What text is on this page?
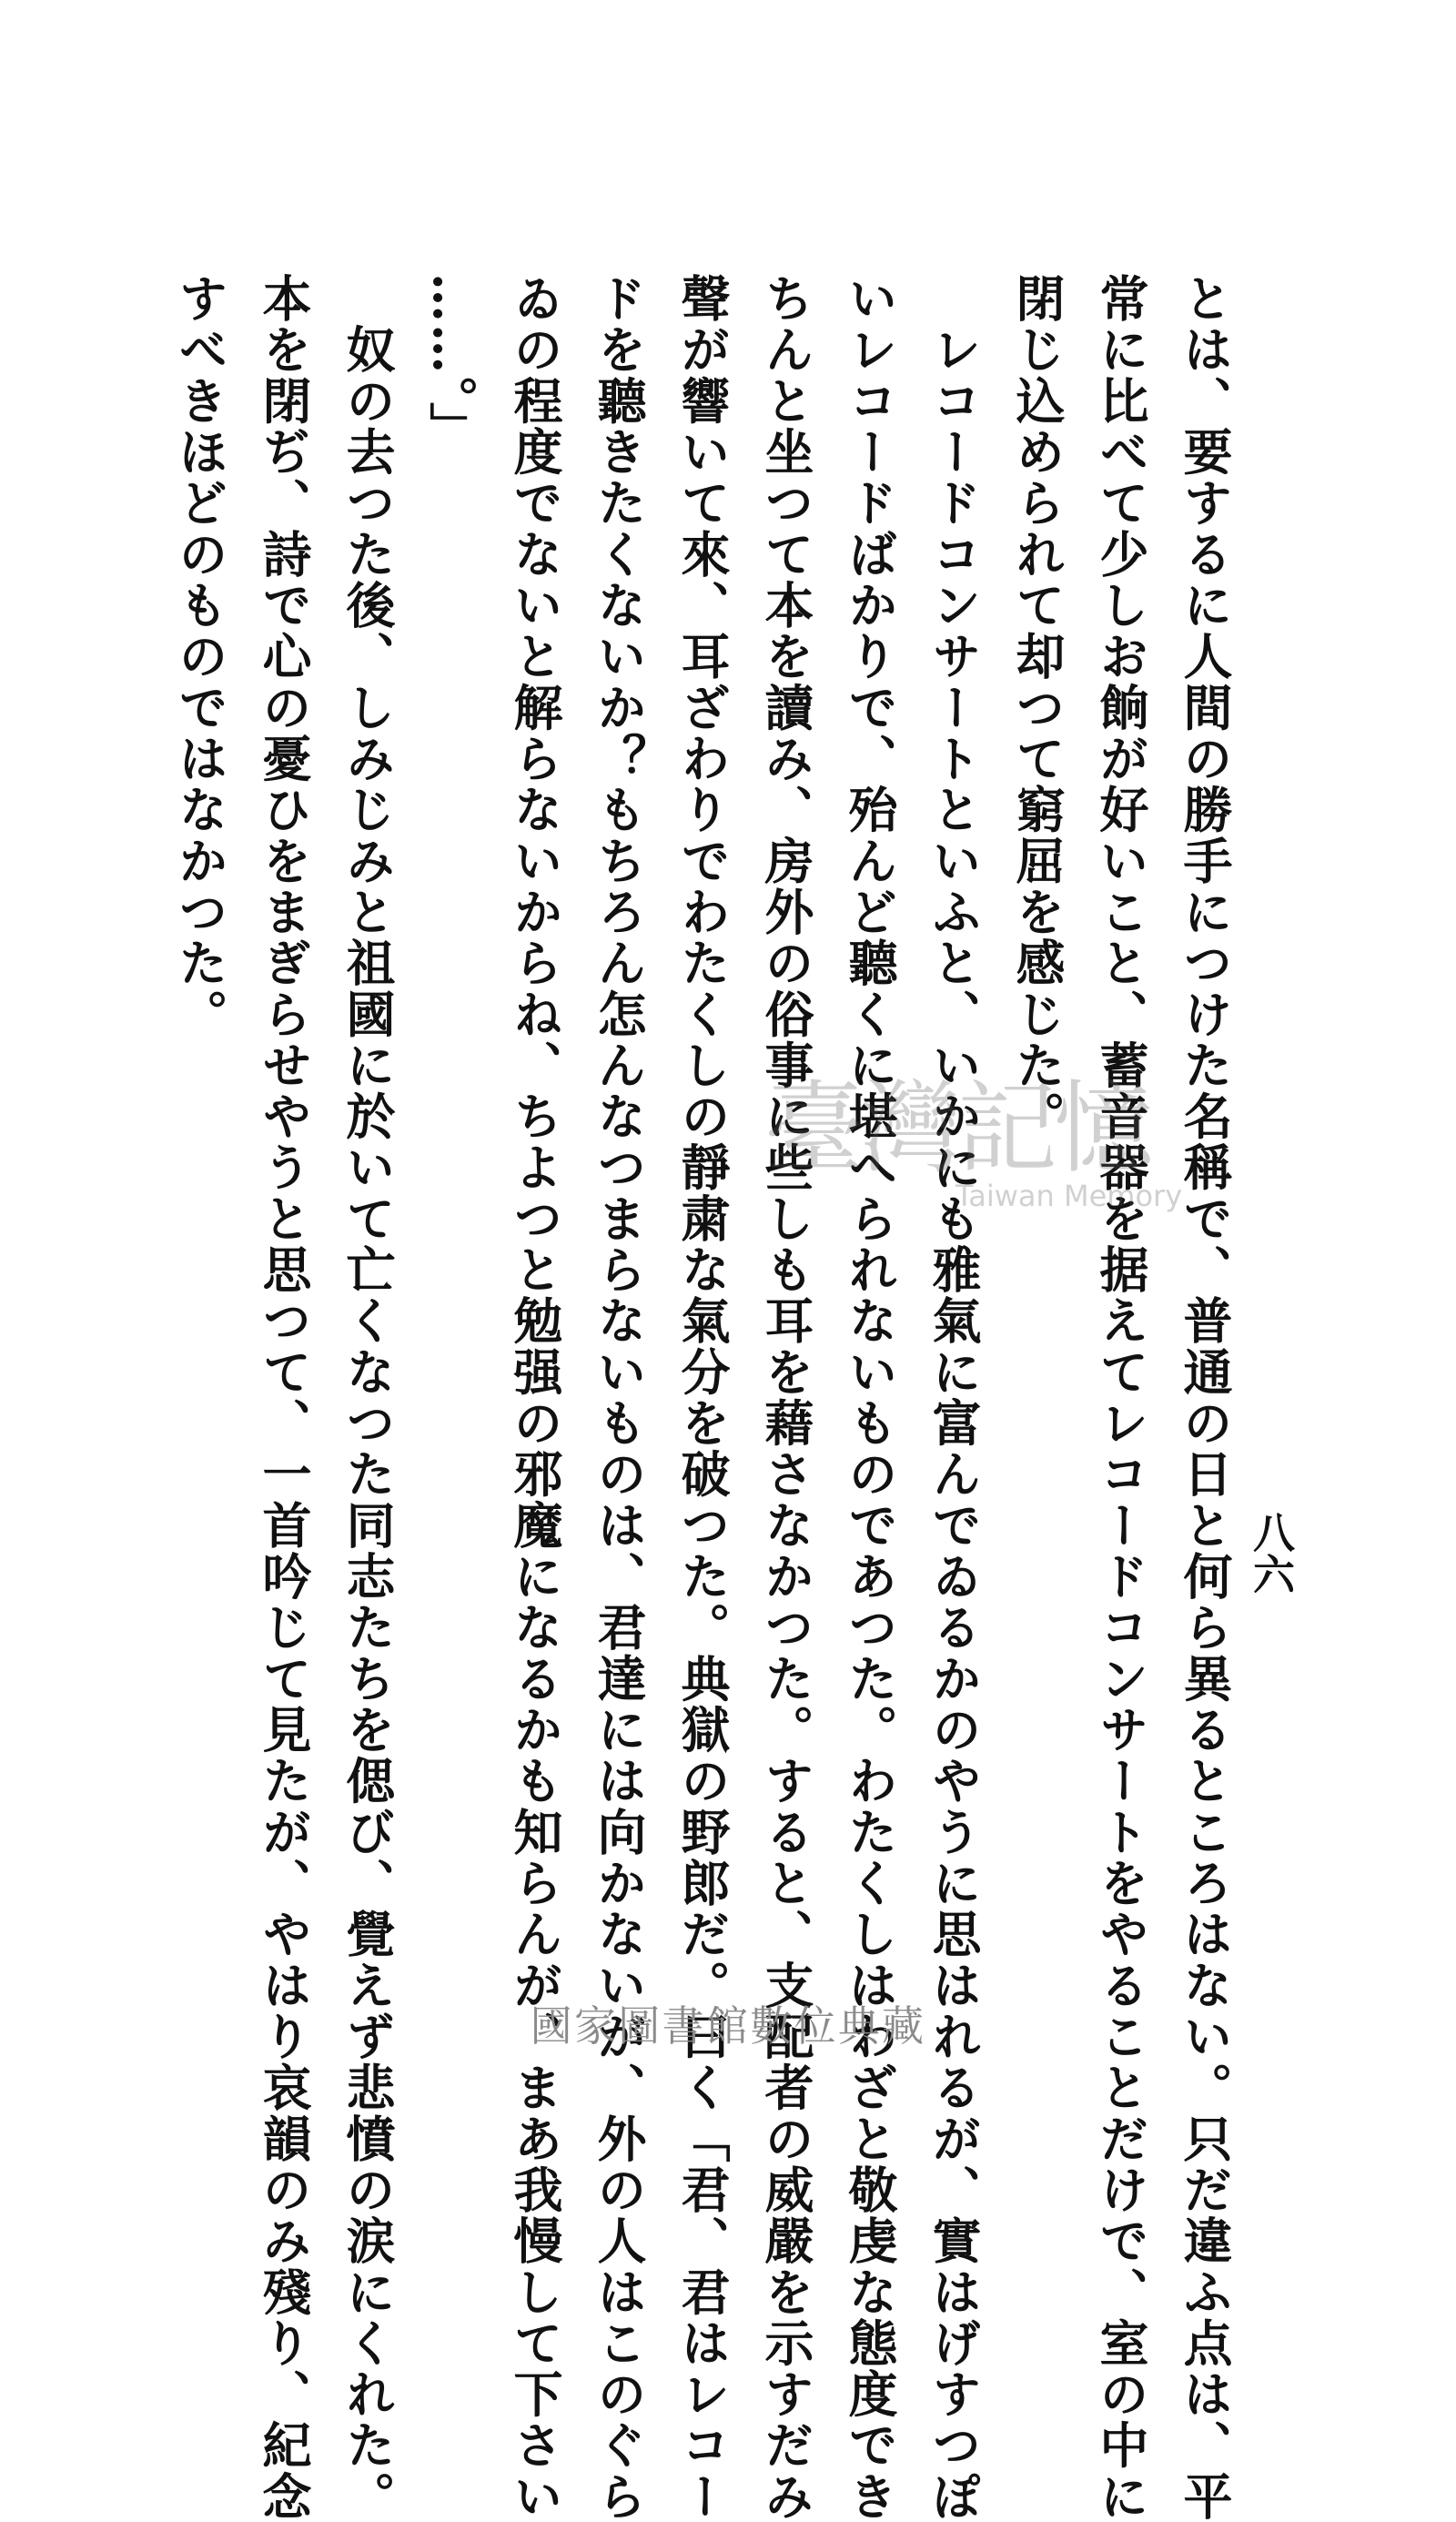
八六

とは、要するに人間の勝手につけた名稱で、普通の日と何ら異るところはない。只だ違ふ点は、平

常に比べて少しお餉が好いこと、蓄音器を据えてレコードコンサートをやることだけで、室の中に

閉じ込められて却つて窮屈を感じた。

　レコードコンサートといふと、いかにも雅氣に富んでゐるかのやうに思はれるが、實はげすつぽ

いレコードばかりで、殆んど聽くに堪へられないものであつた。わたくしはわざと敬虔な態度でき

ちんと坐つて本を讀み、房外の俗事に些しも耳を藉さなかつた。すると、支配者の威嚴を示すだみ

聲が響いて來、耳ざわりでわたくしの靜粛な氣分を破つた。典獄の野郎だ。曰く「君、君はレコー

ドを聽きたくないか？もちろん怎んなつまらないものは、君達には向かないが、外の人はこのぐら

ゐの程度でないと解らないからね、ちよつと勉强の邪魔になるかも知らんが、まあ我慢して下さい

……。」

　奴の去つた後、しみじみと祖國に於いて亡くなつた同志たちを偲び、覺えず悲憤の涙にくれた。

本を閉ぢ、詩で心の憂ひをまぎらせやうと思つて、一首吟じて見たが、やはり哀韻のみ殘り、紀念

すべきほどのものではなかつた。

臺灣記憶
Taiwan Memory
國家圖書館數位典藏
